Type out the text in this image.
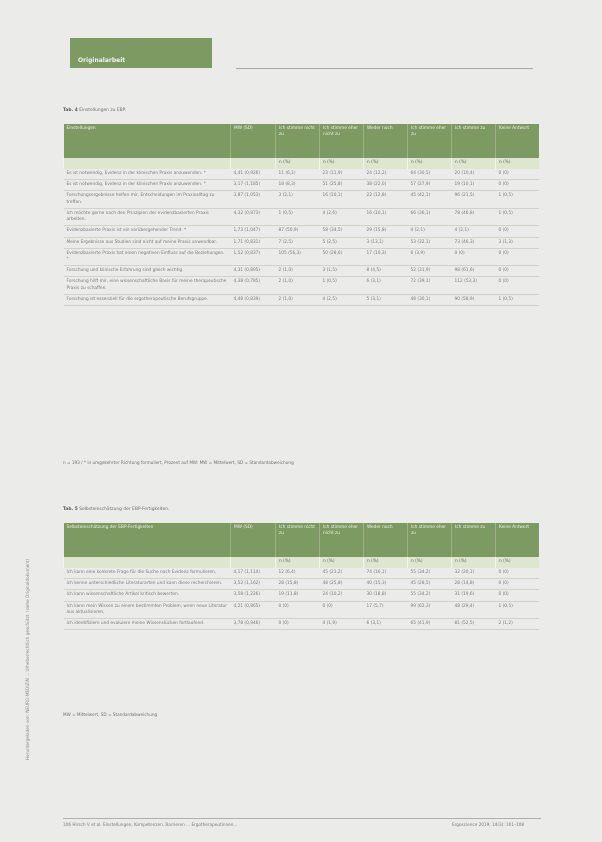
Originalarbeit
Heruntergeladen von: NEURO-MEDIZIN ... Urheberrechtlich geschützt. (siehe Originaldokument)
Tab. 4 Einstellungen zu EBP.
Einstellungen	MW (SD)	Ich stimme nicht zu	Ich stimme eher nicht zu	Weder noch	Ich stimme eher zu	Ich stimme zu	Keine Antwort
		n (%)	n (%)	n (%)	n (%)	n (%)	n (%)
Es ist notwendig, Evidenz in der klinischen Praxis anzuwenden. *	4,41 (0,926)	11 (6,1)	23 (11,9)	24 (12,2)	64 (30,5)	20 (10,4)	0 (0)
Es ist notwendig, Evidenz in der klinischen Praxis anzuwenden. *	3,17 (1,185)	18 (8,3)	51 (25,8)	38 (22,0)	57 (27,9)	19 (10,1)	0 (0)
Forschungsergebnisse helfen mir, Entscheidungen im Praxisalltag zu treffen.	3,87 (1,053)	3 (2,1)	16 (10,1)	22 (12,8)	45 (42,1)	96 (21,5)	1 (0,5)
Ich möchte gerne nach den Prinzipien der evidenzbasierten Praxis arbeiten.	4,32 (0,873)	1 (0,5)	4 (2,6)	16 (10,1)	66 (36,1)	78 (46,8)	1 (0,5)
Evidenzbasierte Praxis ist ein vorübergehender Trend. *	1,73 (1,047)	87 (50,9)	58 (34,5)	29 (15,8)	4 (2,1)	4 (2,1)	0 (0)
Meine Ergebnisse aus Studien sind nicht auf meine Praxis anwendbar.	1,71 (0,831)	7 (2,5)	5 (2,5)	3 (13,1)	53 (32,1)	73 (46,3)	3 (1,3)
Evidenzbasierte Praxis hat einen negativen Einfluss auf die Beziehungen. *	1,52 (0,837)	105 (56,3)	50 (28,6)	17 (10,3)	6 (3,9)	0 (0)	0 (0)
Forschung und klinische Erfahrung sind gleich wichtig.	4,31 (0,895)	2 (1,0)	3 (1,5)	8 (4,5)	52 (31,9)	98 (61,6)	0 (0)
Forschung hilft mir, eine wissenschaftliche Basis für meine therapeutische Praxis zu schaffen.	4,38 (0,785)	2 (1,0)	1 (0,5)	6 (3,1)	72 (39,1)	112 (53,3)	0 (0)
Forschung ist essenziell für die ergotherapeutische Berufsgruppe.	4,48 (0,839)	2 (1,0)	4 (2,5)	5 (3,1)	48 (30,1)	90 (58,9)	1 (0,5)
n = 193 / * in umgekehrter Richtung formuliert, Prozent auf MW: MW = Mittelwert, SD = Standardabweichung
Tab. 5 Selbsteinschätzung der EBP-Fertigkeiten.
Selbsteinschätzung der EBP-Fertigkeiten	MW (SD)	Ich stimme nicht zu	Ich stimme eher nicht zu	Weder noch	Ich stimme eher zu	Ich stimme zu	Keine Antwort
		n (%)	n (%)	n (%)	n (%)	n (%)	n (%)
Ich kann eine konkrete Frage für die Suche nach Evidenz formulieren.	4,17 (1,114)	12 (6,4)	45 (21,2)	74 (16,1)	55 (34,2)	32 (20,1)	0 (0)
Ich kenne unterschiedliche Literaturarten und kann diese recherchieren.	3,52 (1,162)	28 (15,8)	48 (25,8)	40 (15,3)	45 (28,5)	28 (14,8)	0 (0)
Ich kann wissenschaftliche Artikel kritisch bewerten.	3,58 (1,226)	19 (11,8)	24 (10,2)	30 (18,8)	55 (34,2)	31 (19,6)	0 (0)
Ich kann mein Wissen zu einem bestimmten Problem, wenn neue Literatur aus aktualisieren.	4,21 (0,865)	0 (0)	0 (0)	17 (5,7)	99 (62,3)	48 (29,4)	1 (0,5)
Ich identifiziere und evaluiere meine Wissenslücken fortlaufend.	3,78 (0,946)	0 (0)	4 (1,9)	6 (3,1)	65 (41,9)	81 (52,5)	2 (1,2)
MW = Mittelwert, SD = Standardabweichung
106 Hirsch V et al. Einstellungen, Kompetenzen, Barrieren ... Ergotherapeutinnen...	Ergoscience 2019; 14(3): 101–108
